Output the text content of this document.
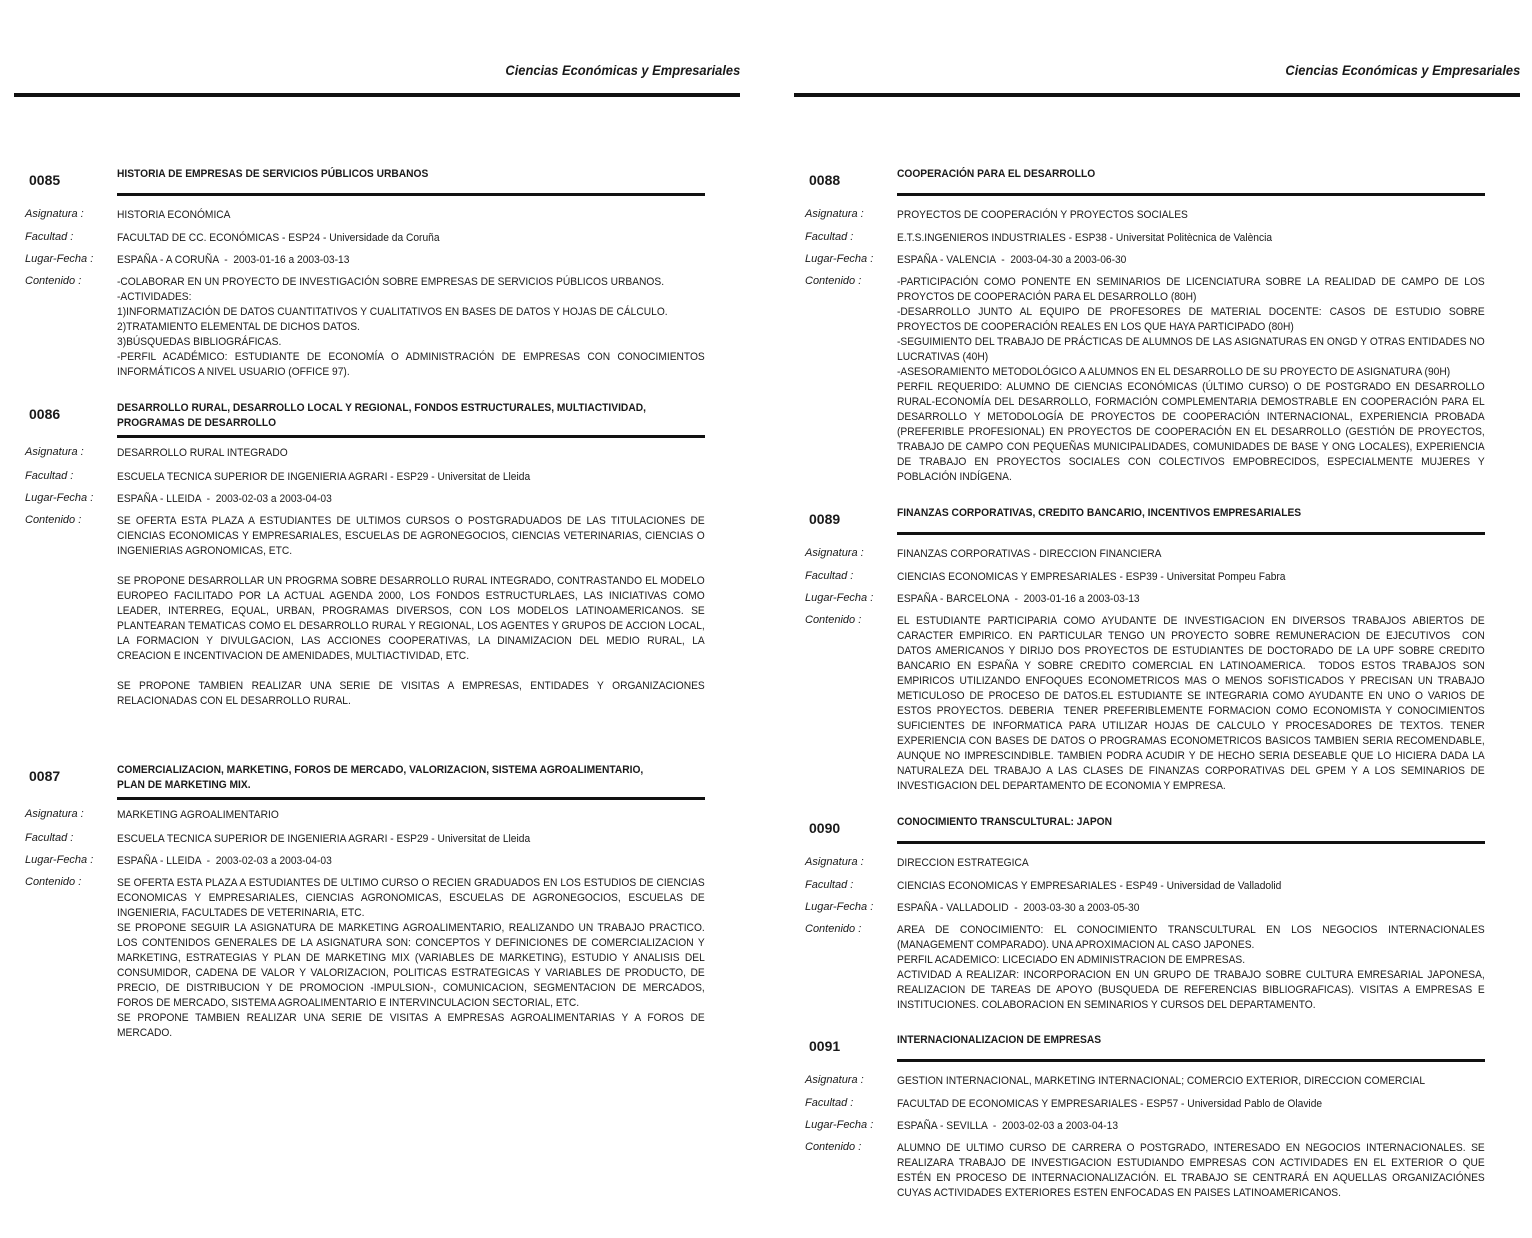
Ciencias Económicas y Empresariales
0085	HISTORIA DE EMPRESAS DE SERVICIOS PÚBLICOS URBANOS
Asignatura :	HISTORIA ECONÓMICA
Facultad :	FACULTAD DE CC. ECONÓMICAS - ESP24 - Universidade da Coruña
Lugar-Fecha :	ESPAÑA - A CORUÑA  -  2003-01-16 a 2003-03-13
Contenido :	-COLABORAR EN UN PROYECTO DE INVESTIGACIÓN SOBRE EMPRESAS DE SERVICIOS PÚBLICOS URBANOS.
-ACTIVIDADES:
1)INFORMATIZACIÓN DE DATOS CUANTITATIVOS Y CUALITATIVOS EN BASES DE DATOS Y HOJAS DE CÁLCULO.
2)TRATAMIENTO ELEMENTAL DE DICHOS DATOS.
3)BÚSQUEDAS BIBLIOGRÁFICAS.
-PERFIL ACADÉMICO: ESTUDIANTE DE ECONOMÍA O ADMINISTRACIÓN DE EMPRESAS CON CONOCIMIENTOS INFORMÁTICOS A NIVEL USUARIO (OFFICE 97).
0086	DESARROLLO RURAL, DESARROLLO LOCAL Y REGIONAL, FONDOS ESTRUCTURALES, MULTIACTIVIDAD, PROGRAMAS DE DESARROLLO
Asignatura :	DESARROLLO RURAL INTEGRADO
Facultad :	ESCUELA TECNICA SUPERIOR DE INGENIERIA AGRARI - ESP29 - Universitat de Lleida
Lugar-Fecha :	ESPAÑA - LLEIDA  -  2003-02-03 a 2003-04-03
Contenido :	SE OFERTA ESTA PLAZA A ESTUDIANTES DE ULTIMOS CURSOS O POSTGRADUADOS DE LAS TITULACIONES DE CIENCIAS ECONOMICAS Y EMPRESARIALES, ESCUELAS DE AGRONEGOCIOS, CIENCIAS VETERINARIAS, CIENCIAS O INGENIERIAS AGRONOMICAS, ETC.

SE PROPONE DESARROLLAR UN PROGRMA SOBRE DESARROLLO RURAL INTEGRADO, CONTRASTANDO EL MODELO EUROPEO FACILITADO POR LA ACTUAL AGENDA 2000, LOS FONDOS ESTRUCTURLAES, LAS INICIATIVAS COMO LEADER, INTERREG, EQUAL, URBAN, PROGRAMAS DIVERSOS, CON LOS MODELOS LATINOAMERICANOS. SE PLANTEARAN TEMATICAS COMO EL DESARROLLO RURAL Y REGIONAL, LOS AGENTES Y GRUPOS DE ACCION LOCAL, LA FORMACION Y DIVULGACION, LAS ACCIONES COOPERATIVAS, LA DINAMIZACION DEL MEDIO RURAL, LA CREACION E INCENTIVACION DE AMENIDADES, MULTIACTIVIDAD, ETC.

SE PROPONE TAMBIEN REALIZAR UNA SERIE DE VISITAS A EMPRESAS, ENTIDADES Y ORGANIZACIONES RELACIONADAS CON EL DESARROLLO RURAL.
0087	COMERCIALIZACION, MARKETING, FOROS DE MERCADO, VALORIZACION, SISTEMA AGROALIMENTARIO, PLAN DE MARKETING MIX.
Asignatura :	MARKETING AGROALIMENTARIO
Facultad :	ESCUELA TECNICA SUPERIOR DE INGENIERIA AGRARI - ESP29 - Universitat de Lleida
Lugar-Fecha :	ESPAÑA - LLEIDA  -  2003-02-03 a 2003-04-03
Contenido :	SE OFERTA ESTA PLAZA A ESTUDIANTES DE ULTIMO CURSO O RECIEN GRADUADOS EN LOS ESTUDIOS DE CIENCIAS ECONOMICAS Y EMPRESARIALES, CIENCIAS AGRONOMICAS, ESCUELAS DE AGRONEGOCIOS, ESCUELAS DE INGENIERIA, FACULTADES DE VETERINARIA, ETC.
SE PROPONE SEGUIR LA ASIGNATURA DE MARKETING AGROALIMENTARIO, REALIZANDO UN TRABAJO PRACTICO. LOS CONTENIDOS GENERALES DE LA ASIGNATURA SON: CONCEPTOS Y DEFINICIONES DE COMERCIALIZACION Y MARKETING, ESTRATEGIAS Y PLAN DE MARKETING MIX (VARIABLES DE MARKETING), ESTUDIO Y ANALISIS DEL CONSUMIDOR, CADENA DE VALOR Y VALORIZACION, POLITICAS ESTRATEGICAS Y VARIABLES DE PRODUCTO, DE PRECIO, DE DISTRIBUCION Y DE PROMOCION -IMPULSION-, COMUNICACION, SEGMENTACION DE MERCADOS, FOROS DE MERCADO, SISTEMA AGROALIMENTARIO E INTERVINCULACION SECTORIAL, ETC.
SE PROPONE TAMBIEN REALIZAR UNA SERIE DE VISITAS A EMPRESAS AGROALIMENTARIAS Y A FOROS DE MERCADO.
Ciencias Económicas y Empresariales
0088	COOPERACIÓN PARA EL DESARROLLO
Asignatura :	PROYECTOS DE COOPERACIÓN Y PROYECTOS SOCIALES
Facultad :	E.T.S.INGENIEROS INDUSTRIALES - ESP38 - Universitat Politècnica de València
Lugar-Fecha :	ESPAÑA - VALENCIA  -  2003-04-30 a 2003-06-30
Contenido :	-PARTICIPACIÓN COMO PONENTE EN SEMINARIOS DE LICENCIATURA SOBRE LA REALIDAD DE CAMPO DE LOS PROYCTOS DE COOPERACIÓN PARA EL DESARROLLO (80H)
-DESARROLLO JUNTO AL EQUIPO DE PROFESORES DE MATERIAL DOCENTE: CASOS DE ESTUDIO SOBRE PROYECTOS DE COOPERACIÓN REALES EN LOS QUE HAYA PARTICIPADO (80H)
-SEGUIMIENTO DEL TRABAJO DE PRÁCTICAS DE ALUMNOS DE LAS ASIGNATURAS EN ONGD Y OTRAS ENTIDADES NO LUCRATIVAS (40H)
-ASESORAMIENTO METODOLÓGICO A ALUMNOS EN EL DESARROLLO DE SU PROYECTO DE ASIGNATURA (90H)
PERFIL REQUERIDO: ALUMNO DE CIENCIAS ECONÓMICAS (ÚLTIMO CURSO) O DE POSTGRADO EN DESARROLLO RURAL-ECONOMÍA DEL DESARROLLO, FORMACIÓN COMPLEMENTARIA DEMOSTRABLE EN COOPERACIÓN PARA EL DESARROLLO Y METODOLOGÍA DE PROYECTOS DE COOPERACIÓN INTERNACIONAL, EXPERIENCIA PROBADA (PREFERIBLE PROFESIONAL) EN PROYECTOS DE COOPERACIÓN EN EL DESARROLLO (GESTIÓN DE PROYECTOS, TRABAJO DE CAMPO CON PEQUEÑAS MUNICIPALIDADES, COMUNIDADES DE BASE Y ONG LOCALES), EXPERIENCIA DE TRABAJO EN PROYECTOS SOCIALES CON COLECTIVOS EMPOBRECIDOS, ESPECIALMENTE MUJERES Y POBLACIÓN INDÍGENA.
0089	FINANZAS CORPORATIVAS, CREDITO BANCARIO, INCENTIVOS EMPRESARIALES
Asignatura :	FINANZAS CORPORATIVAS - DIRECCION FINANCIERA
Facultad :	CIENCIAS ECONOMICAS Y EMPRESARIALES - ESP39 - Universitat Pompeu Fabra
Lugar-Fecha :	ESPAÑA - BARCELONA  -  2003-01-16 a 2003-03-13
Contenido :	EL ESTUDIANTE PARTICIPARIA COMO AYUDANTE DE INVESTIGACION EN DIVERSOS TRABAJOS ABIERTOS DE CARACTER EMPIRICO. EN PARTICULAR TENGO UN PROYECTO SOBRE REMUNERACION DE EJECUTIVOS  CON DATOS AMERICANOS Y DIRIJO DOS PROYECTOS DE ESTUDIANTES DE DOCTORADO DE LA UPF SOBRE CREDITO BANCARIO EN ESPAÑA Y SOBRE CREDITO COMERCIAL EN LATINOAMERICA.  TODOS ESTOS TRABAJOS SON EMPIRICOS UTILIZANDO ENFOQUES ECONOMETRICOS MAS O MENOS SOFISTICADOS Y PRECISAN UN TRABAJO METICULOSO DE PROCESO DE DATOS.EL ESTUDIANTE SE INTEGRARIA COMO AYUDANTE EN UNO O VARIOS DE ESTOS PROYECTOS. DEBERIA  TENER PREFERIBLEMENTE FORMACION COMO ECONOMISTA Y CONOCIMIENTOS SUFICIENTES DE INFORMATICA PARA UTILIZAR HOJAS DE CALCULO Y PROCESADORES DE TEXTOS. TENER EXPERIENCIA CON BASES DE DATOS O PROGRAMAS ECONOMETRICOS BASICOS TAMBIEN SERIA RECOMENDABLE, AUNQUE NO IMPRESCINDIBLE. TAMBIEN PODRA ACUDIR Y DE HECHO SERIA DESEABLE QUE LO HICIERA DADA LA NATURALEZA DEL TRABAJO A LAS CLASES DE FINANZAS CORPORATIVAS DEL GPEM Y A LOS SEMINARIOS DE INVESTIGACION DEL DEPARTAMENTO DE ECONOMIA Y EMPRESA.
0090	CONOCIMIENTO TRANSCULTURAL: JAPON
Asignatura :	DIRECCION ESTRATEGICA
Facultad :	CIENCIAS ECONOMICAS Y EMPRESARIALES - ESP49 - Universidad de Valladolid
Lugar-Fecha :	ESPAÑA - VALLADOLID  -  2003-03-30 a 2003-05-30
Contenido :	AREA DE CONOCIMIENTO: EL CONOCIMIENTO TRANSCULTURAL EN LOS NEGOCIOS INTERNACIONALES (MANAGEMENT COMPARADO). UNA APROXIMACION AL CASO JAPONES.
PERFIL ACADEMICO: LICECIADO EN ADMINISTRACION DE EMPRESAS.
ACTIVIDAD A REALIZAR: INCORPORACION EN UN GRUPO DE TRABAJO SOBRE CULTURA EMRESARIAL JAPONESA, REALIZACION DE TAREAS DE APOYO (BUSQUEDA DE REFERENCIAS BIBLIOGRAFICAS). VISITAS A EMPRESAS E INSTITUCIONES. COLABORACION EN SEMINARIOS Y CURSOS DEL DEPARTAMENTO.
0091	INTERNACIONALIZACION DE EMPRESAS
Asignatura :	GESTION INTERNACIONAL, MARKETING INTERNACIONAL; COMERCIO EXTERIOR, DIRECCION COMERCIAL
Facultad :	FACULTAD DE ECONOMICAS Y EMPRESARIALES - ESP57 - Universidad Pablo de Olavide
Lugar-Fecha :	ESPAÑA - SEVILLA  -  2003-02-03 a 2003-04-13
Contenido :	ALUMNO DE ULTIMO CURSO DE CARRERA O POSTGRADO, INTERESADO EN NEGOCIOS INTERNACIONALES. SE REALIZARA TRABAJO DE INVESTIGACION ESTUDIANDO EMPRESAS CON ACTIVIDADES EN EL EXTERIOR O QUE ESTÉN EN PROCESO DE INTERNACIONALIZACIÓN. EL TRABAJO SE CENTRARÁ EN AQUELLAS ORGANIZACIÓNES CUYAS ACTIVIDADES EXTERIORES ESTEN ENFOCADAS EN PAISES LATINOAMERICANOS.
